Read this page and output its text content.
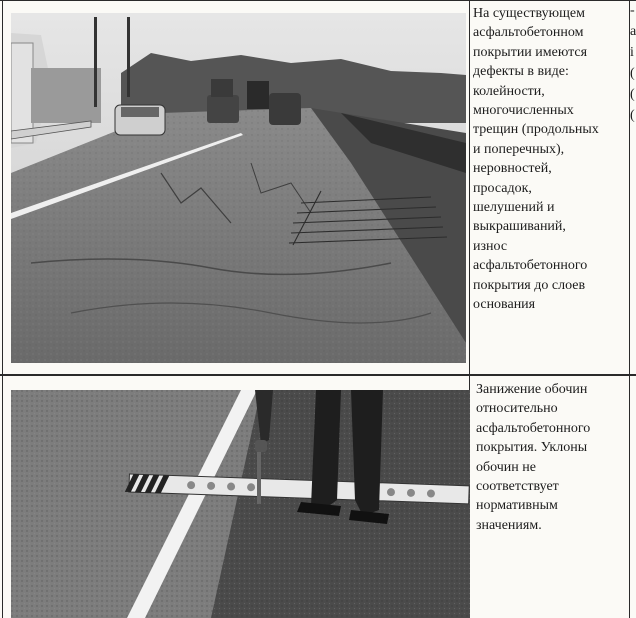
На существующем
асфальтобетонном
покрытии имеются
дефекты в виде:
колейности,
многочисленных
трещин (продольных
и поперечных),
неровностей,
просадок,
шелушений и
выкрашиваний,
износ
асфальтобетонного
покрытия до слоев
основания
Занижение обочин
относительно
асфальтобетонного
покрытия. Уклоны
обочин не
соответствует
нормативным
значениям.
-
а
і
(
(
(
